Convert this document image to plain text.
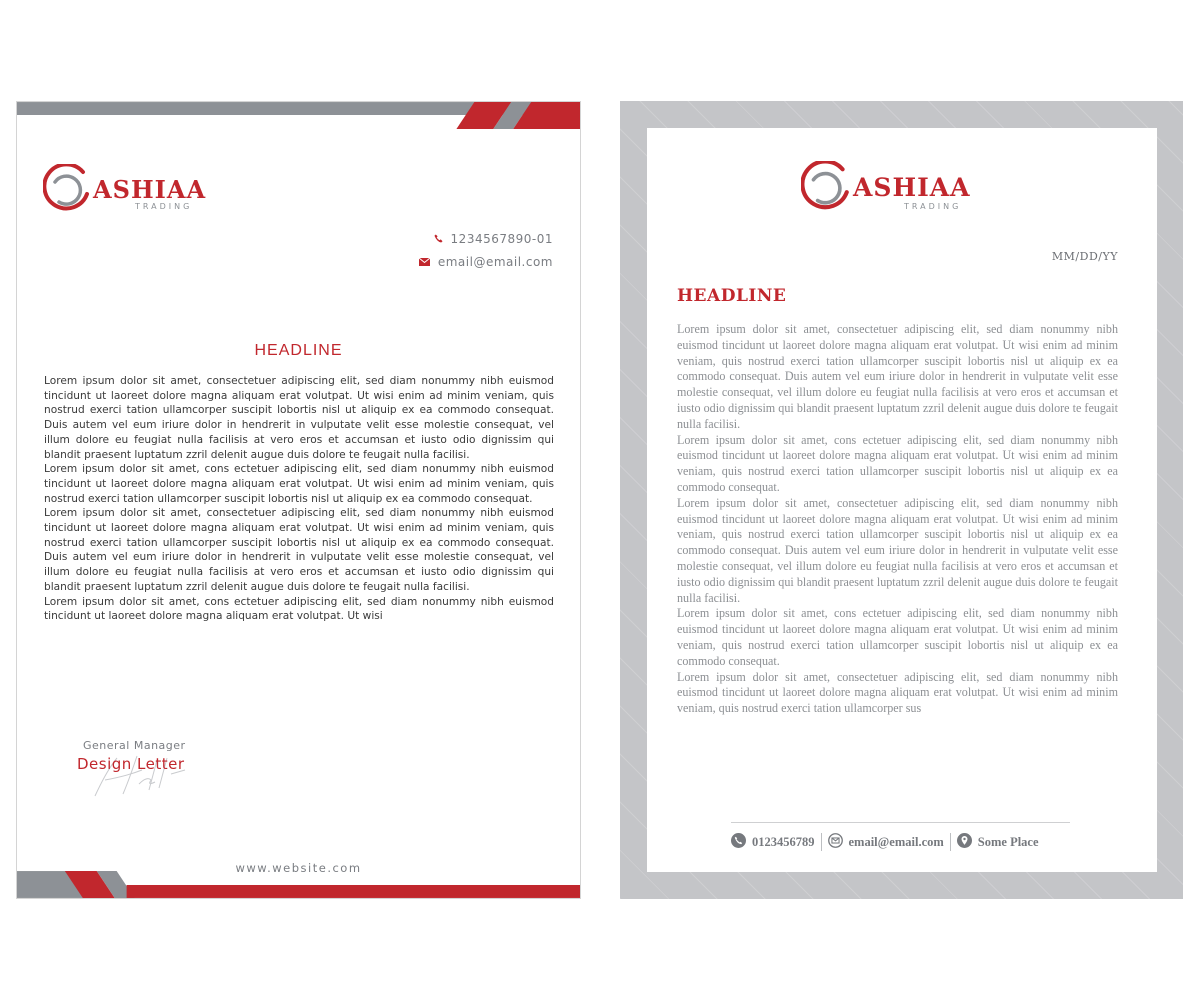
ASHIAA
TRADING
1234567890-01
email@email.com
HEADLINE

Lorem ipsum dolor sit amet, consectetuer adipiscing elit, sed diam nonummy nibh euismod tincidunt ut laoreet dolore magna aliquam erat volutpat. Ut wisi enim ad minim veniam, quis nostrud exerci tation ullamcorper suscipit lobortis nisl ut aliquip ex ea commodo consequat. Duis autem vel eum iriure dolor in hendrerit in vulputate velit esse molestie consequat, vel illum dolore eu feugiat nulla facilisis at vero eros et accumsan et iusto odio dignissim qui blandit praesent luptatum zzril delenit augue duis dolore te feugait nulla facilisi.

Lorem ipsum dolor sit amet, cons ectetuer adipiscing elit, sed diam nonummy nibh euismod tincidunt ut laoreet dolore magna aliquam erat volutpat. Ut wisi enim ad minim veniam, quis nostrud exerci tation ullamcorper suscipit lobortis nisl ut aliquip ex ea commodo consequat.

Lorem ipsum dolor sit amet, consectetuer adipiscing elit, sed diam nonummy nibh euismod tincidunt ut laoreet dolore magna aliquam erat volutpat. Ut wisi enim ad minim veniam, quis nostrud exerci tation ullamcorper suscipit lobortis nisl ut aliquip ex ea commodo consequat. Duis autem vel eum iriure dolor in hendrerit in vulputate velit esse molestie consequat, vel illum dolore eu feugiat nulla facilisis at vero eros et accumsan et iusto odio dignissim qui blandit praesent luptatum zzril delenit augue duis dolore te feugait nulla facilisi.

Lorem ipsum dolor sit amet, cons ectetuer adipiscing elit, sed diam nonummy nibh euismod tincidunt ut laoreet dolore magna aliquam erat volutpat. Ut wisi

General Manager
Design Letter
www.website.com
ASHIAA
TRADING
MM/DD/YY
HEADLINE

Lorem ipsum dolor sit amet, consectetuer adipiscing elit, sed diam nonummy nibh euismod tincidunt ut laoreet dolore magna aliquam erat volutpat. Ut wisi enim ad minim veniam, quis nostrud exerci tation ullamcorper suscipit lobortis nisl ut aliquip ex ea commodo consequat. Duis autem vel eum iriure dolor in hendrerit in vulputate velit esse molestie consequat, vel illum dolore eu feugiat nulla facilisis at vero eros et accumsan et iusto odio dignissim qui blandit praesent luptatum zzril delenit augue duis dolore te feugait nulla facilisi.

Lorem ipsum dolor sit amet, cons ectetuer adipiscing elit, sed diam nonummy nibh euismod tincidunt ut laoreet dolore magna aliquam erat volutpat. Ut wisi enim ad minim veniam, quis nostrud exerci tation ullamcorper suscipit lobortis nisl ut aliquip ex ea commodo consequat.

Lorem ipsum dolor sit amet, consectetuer adipiscing elit, sed diam nonummy nibh euismod tincidunt ut laoreet dolore magna aliquam erat volutpat. Ut wisi enim ad minim veniam, quis nostrud exerci tation ullamcorper suscipit lobortis nisl ut aliquip ex ea commodo consequat. Duis autem vel eum iriure dolor in hendrerit in vulputate velit esse molestie consequat, vel illum dolore eu feugiat nulla facilisis at vero eros et accumsan et iusto odio dignissim qui blandit praesent luptatum zzril delenit augue duis dolore te feugait nulla facilisi.

Lorem ipsum dolor sit amet, cons ectetuer adipiscing elit, sed diam nonummy nibh euismod tincidunt ut laoreet dolore magna aliquam erat volutpat. Ut wisi enim ad minim veniam, quis nostrud exerci tation ullamcorper suscipit lobortis nisl ut aliquip ex ea commodo consequat.

Lorem ipsum dolor sit amet, consectetuer adipiscing elit, sed diam nonummy nibh euismod tincidunt ut laoreet dolore magna aliquam erat volutpat. Ut wisi enim ad minim veniam, quis nostrud exerci tation ullamcorper sus

0123456789	email@email.com	Some Place
